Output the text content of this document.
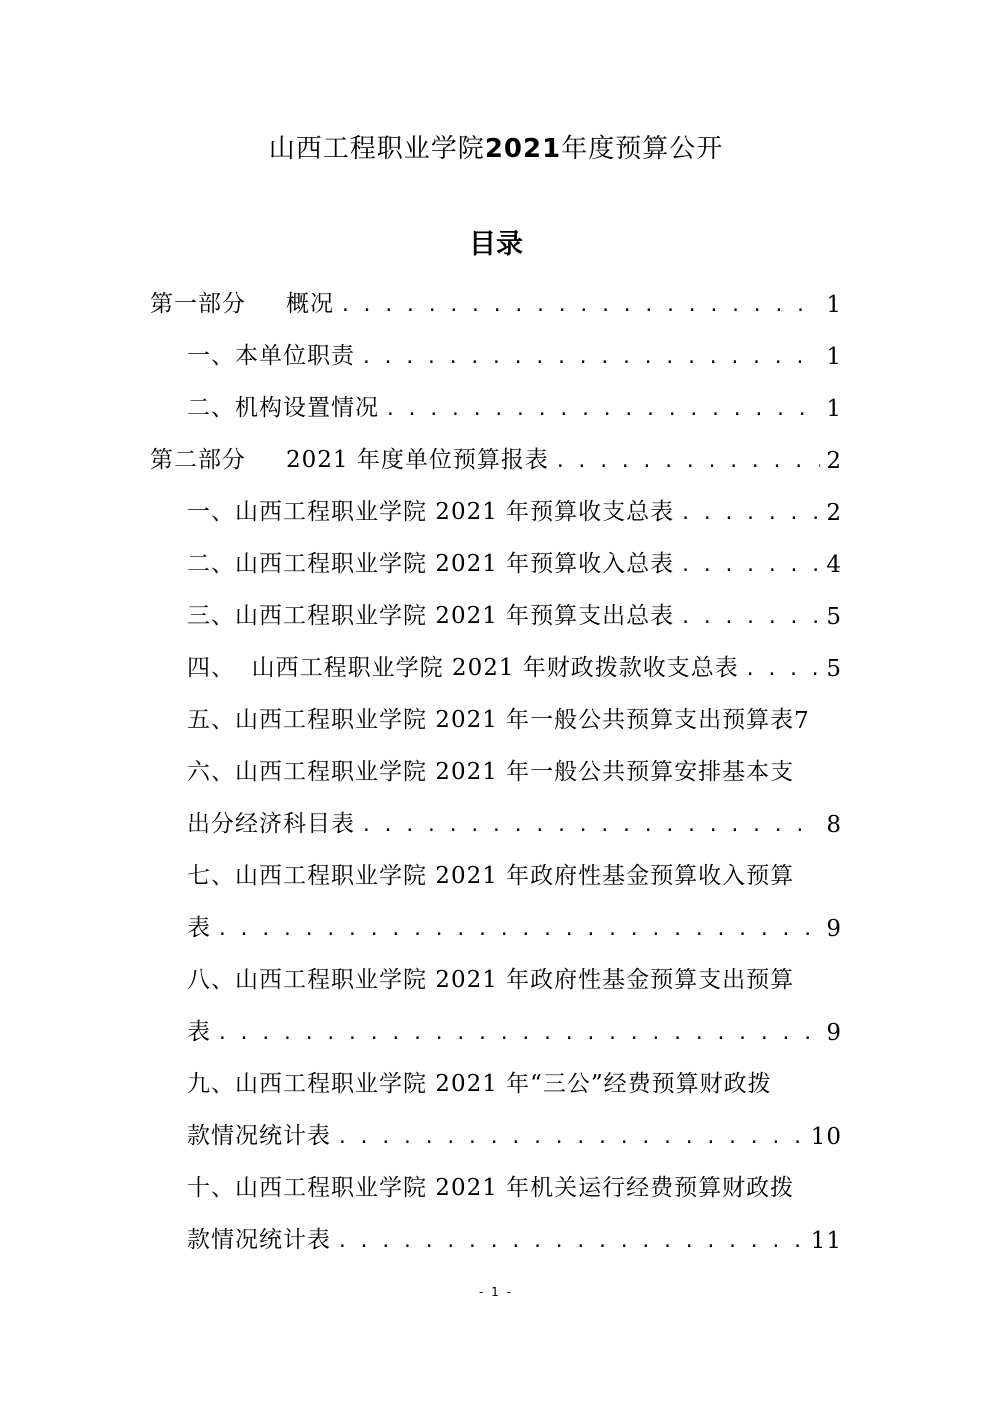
山西工程职业学院2021年度预算公开
目录
第一部分 概况 . . .	1
一、本单位职责 . . .	1
二、机构设置情况 . . .	1
第二部分 2021 年度单位预算报表 . . .	2
一、山西工程职业学院 2021 年预算收支总表 . . .	2
二、山西工程职业学院 2021 年预算收入总表 . . .	4
三、山西工程职业学院 2021 年预算支出总表 . . .	5
四、  山西工程职业学院 2021 年财政拨款收支总表 . . .	5
五、山西工程职业学院 2021 年一般公共预算支出预算表 7
六、山西工程职业学院 2021 年一般公共预算安排基本支
出分经济科目表 . . .	8
七、山西工程职业学院 2021 年政府性基金预算收入预算
表 . . .	9
八、山西工程职业学院 2021 年政府性基金预算支出预算
表 . . .	9
九、山西工程职业学院 2021 年“三公”经费预算财政拨
款情况统计表 . . .	10
十、山西工程职业学院 2021 年机关运行经费预算财政拨
款情况统计表 . . .	11
- 1 -
